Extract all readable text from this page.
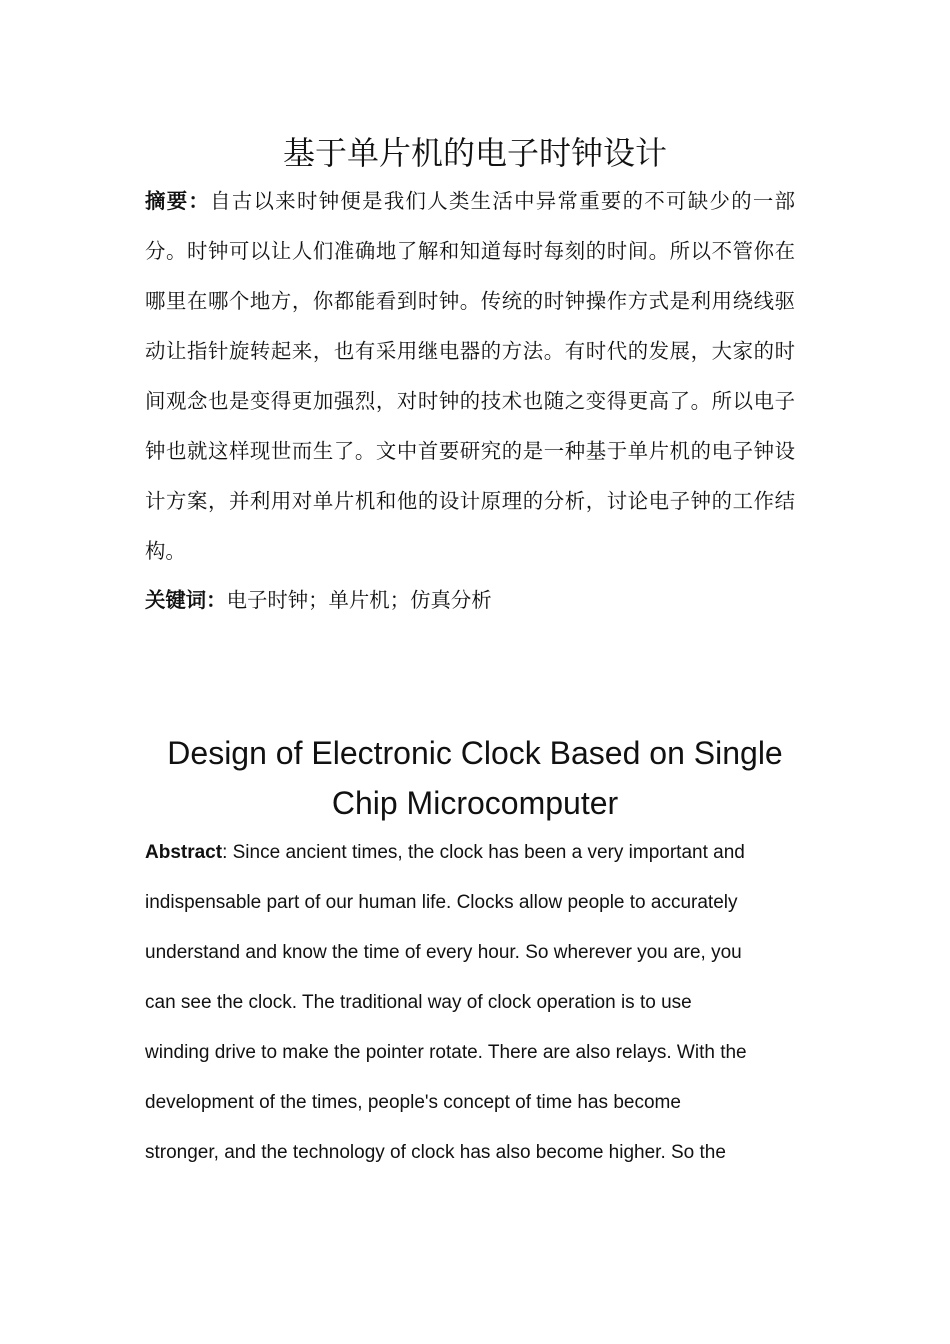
基于单片机的电子时钟设计

摘要：自古以来时钟便是我们人类生活中异常重要的不可缺少的一部分。时钟可以让人们准确地了解和知道每时每刻的时间。所以不管你在哪里在哪个地方，你都能看到时钟。传统的时钟操作方式是利用绕线驱动让指针旋转起来，也有采用继电器的方法。有时代的发展，大家的时间观念也是变得更加强烈，对时钟的技术也随之变得更高了。所以电子钟也就这样现世而生了。文中首要研究的是一种基于单片机的电子钟设计方案，并利用对单片机和他的设计原理的分析，讨论电子钟的工作结构。

关键词：电子时钟；单片机；仿真分析

Design of Electronic Clock Based on Single
Chip Microcomputer
Abstract: Since ancient times, the clock has been a very important and
indispensable part of our human life. Clocks allow people to accurately
understand and know the time of every hour. So wherever you are, you
can see the clock. The traditional way of clock operation is to use
winding drive to make the pointer rotate. There are also relays. With the
development of the times, people's concept of time has become
stronger, and the technology of clock has also become higher. So the
